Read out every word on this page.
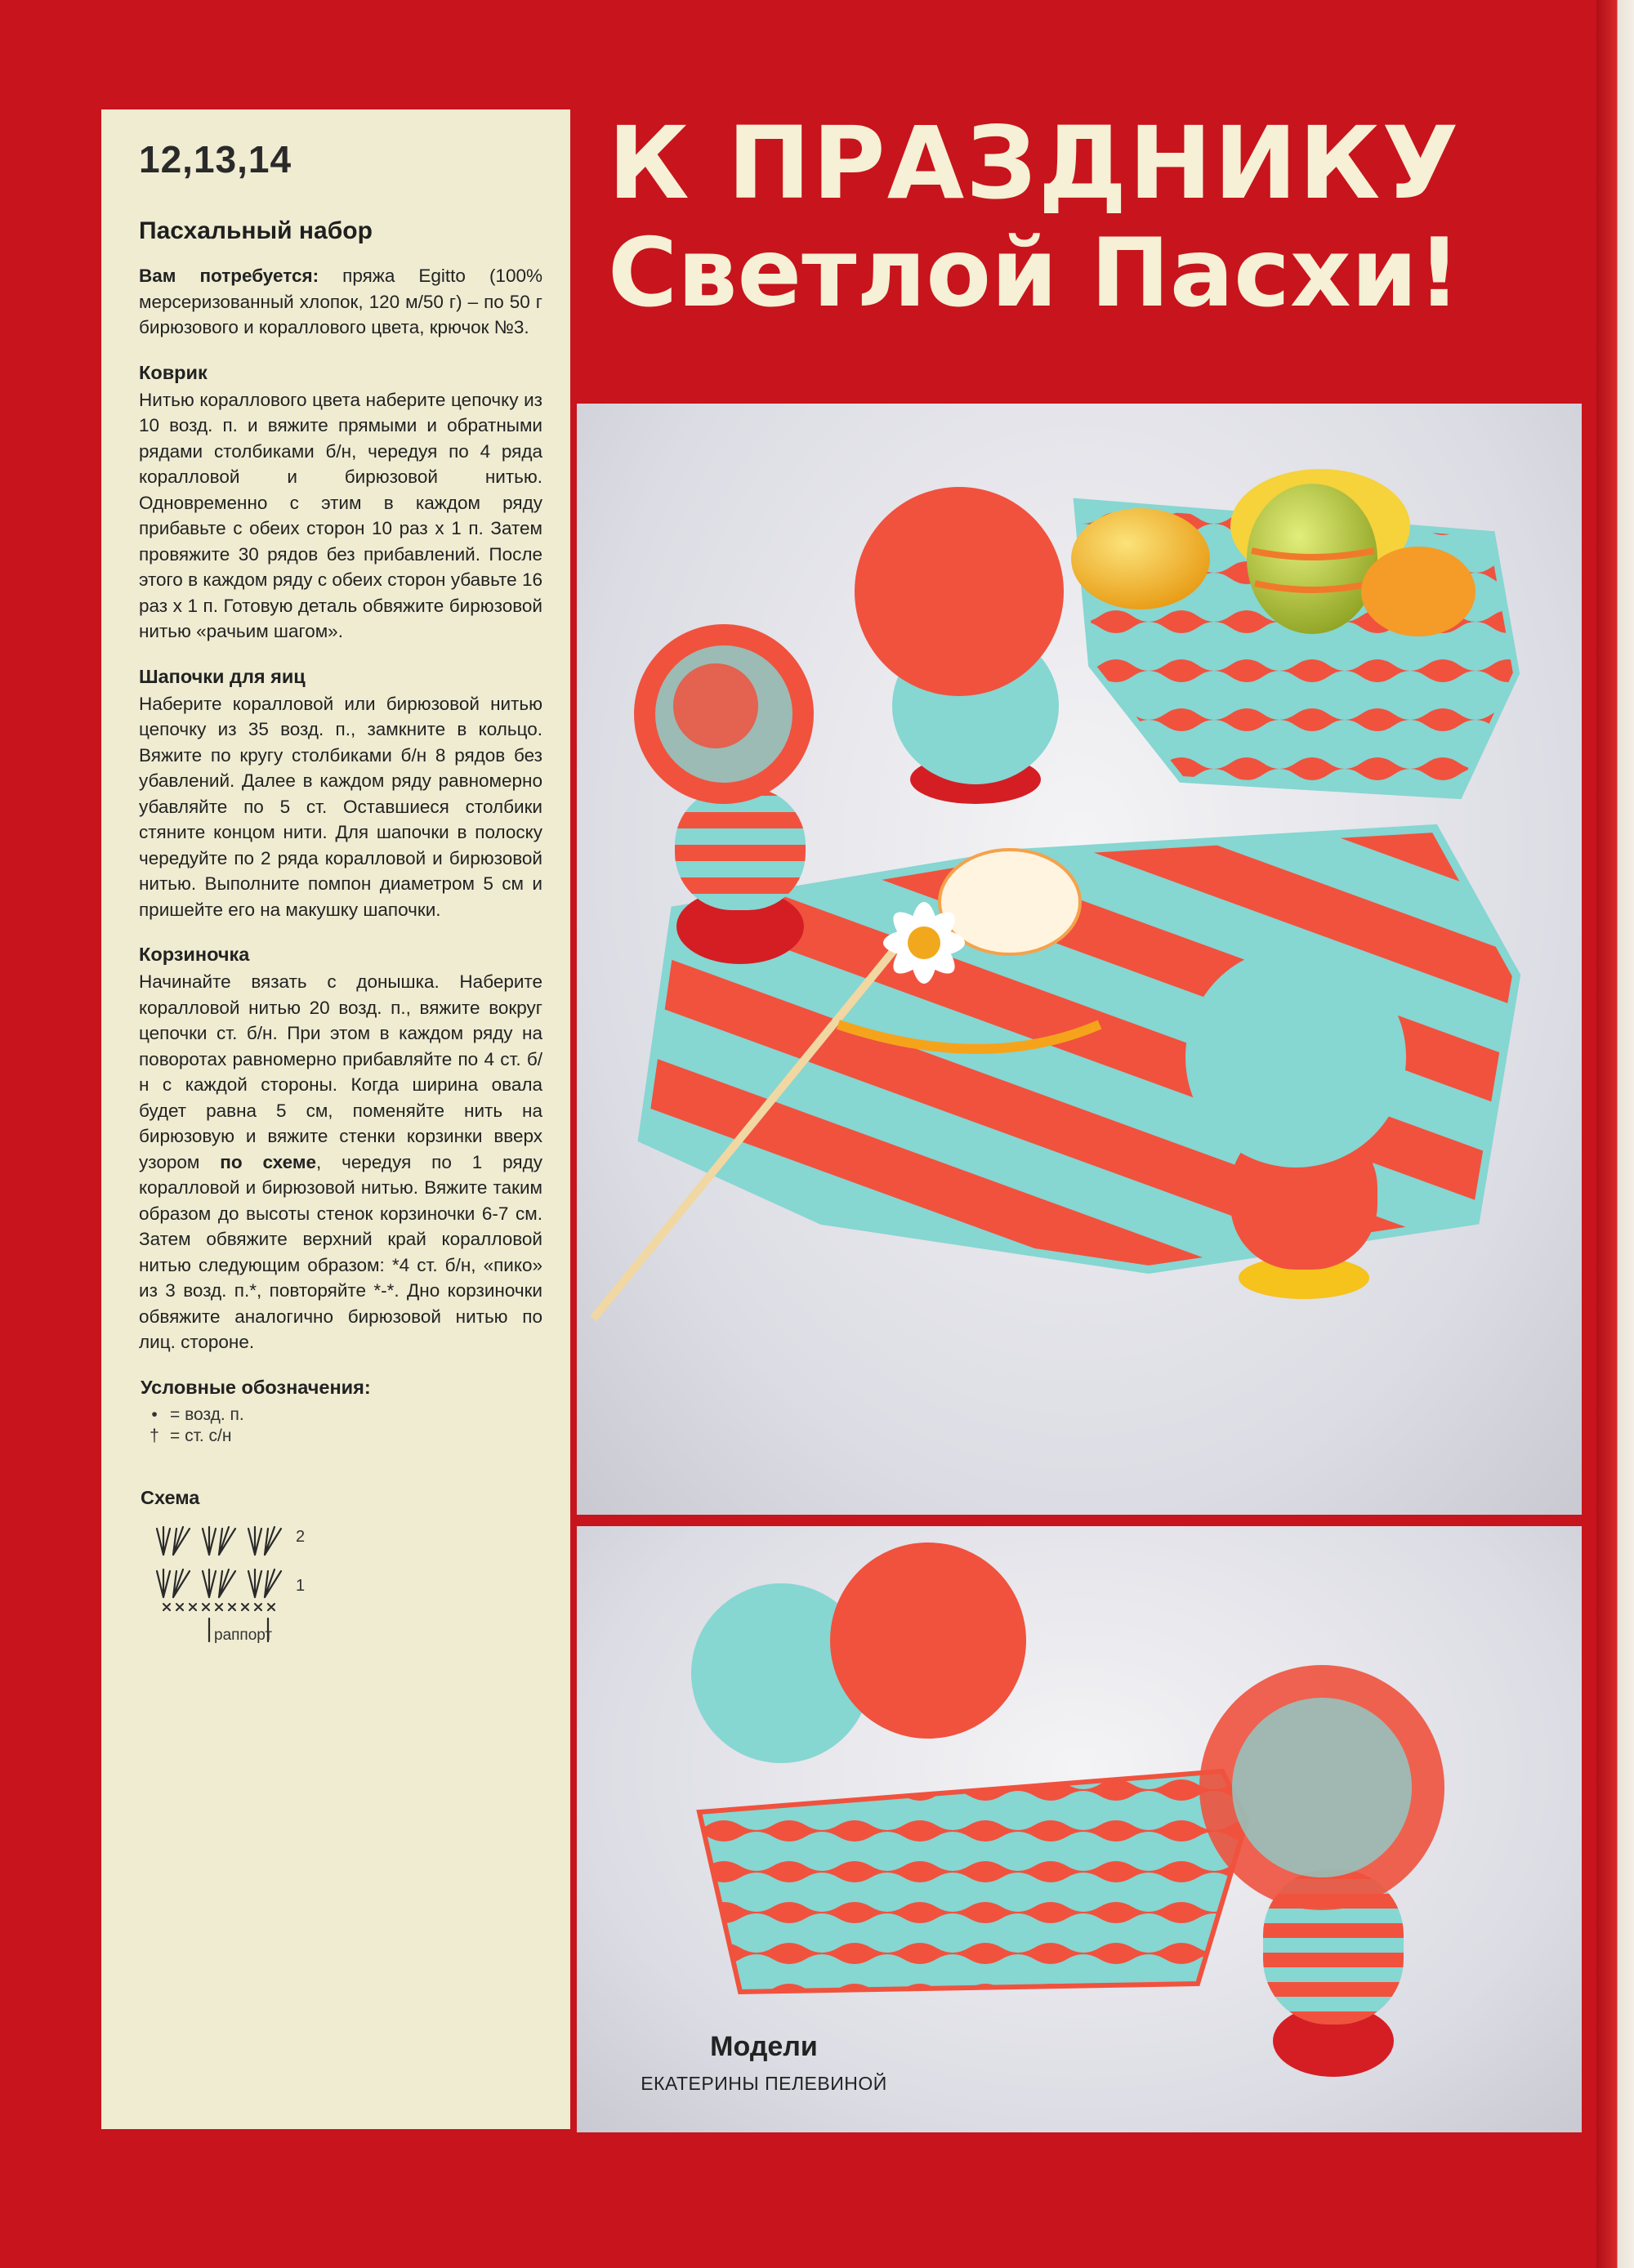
12,13,14
Пасхальный набор

Вам потребуется: пряжа Egitto (100% мерсеризованный хлопок, 120 м/50 г) – по 50 г бирюзового и кораллового цвета, крючок №3.

Коврик

Нитью кораллового цвета наберите цепочку из 10 возд. п. и вяжите прямыми и обратными рядами столбиками б/н, чередуя по 4 ряда коралловой и бирюзовой нитью. Одновременно с этим в каждом ряду прибавьте с обеих сторон 10 раз х 1 п. Затем провяжите 30 рядов без прибавлений. После этого в каждом ряду с обеих сторон убавьте 16 раз х 1 п. Готовую деталь обвяжите бирюзовой нитью «рачьим шагом».

Шапочки для яиц

Наберите коралловой или бирюзовой нитью цепочку из 35 возд. п., замкните в кольцо. Вяжите по кругу столбиками б/н 8 рядов без убавлений. Далее в каждом ряду равномерно убавляйте по 5 ст. Оставшиеся столбики стяните концом нити. Для шапочки в полоску чередуйте по 2 ряда коралловой и бирюзовой нитью. Выполните помпон диаметром 5 см и пришейте его на макушку шапочки.

Корзиночка

Начинайте вязать с донышка. Наберите коралловой нитью 20 возд. п., вяжите вокруг цепочки ст. б/н. При этом в каждом ряду на поворотах равномерно прибавляйте по 4 ст. б/н с каждой стороны. Когда ширина овала будет равна 5 см, поменяйте нить на бирюзовую и вяжите стенки корзинки вверх узором по схеме, чередуя по 1 ряду коралловой и бирюзовой нитью. Вяжите таким образом до высоты стенок корзиночки 6-7 см. Затем обвяжите верхний край коралловой нитью следующим образом: *4 ст. б/н, «пико» из 3 возд. п.*, повторяйте *-*. Дно корзиночки обвяжите аналогично бирюзовой нитью по лиц. стороне.

Условные обозначения:
• = возд. п.
† = ст. с/н
Схема
2
1
раппорт
К ПРАЗДНИКУ
Светлой Пасхи!
Модели
ЕКАТЕРИНЫ ПЕЛЕВИНОЙ
